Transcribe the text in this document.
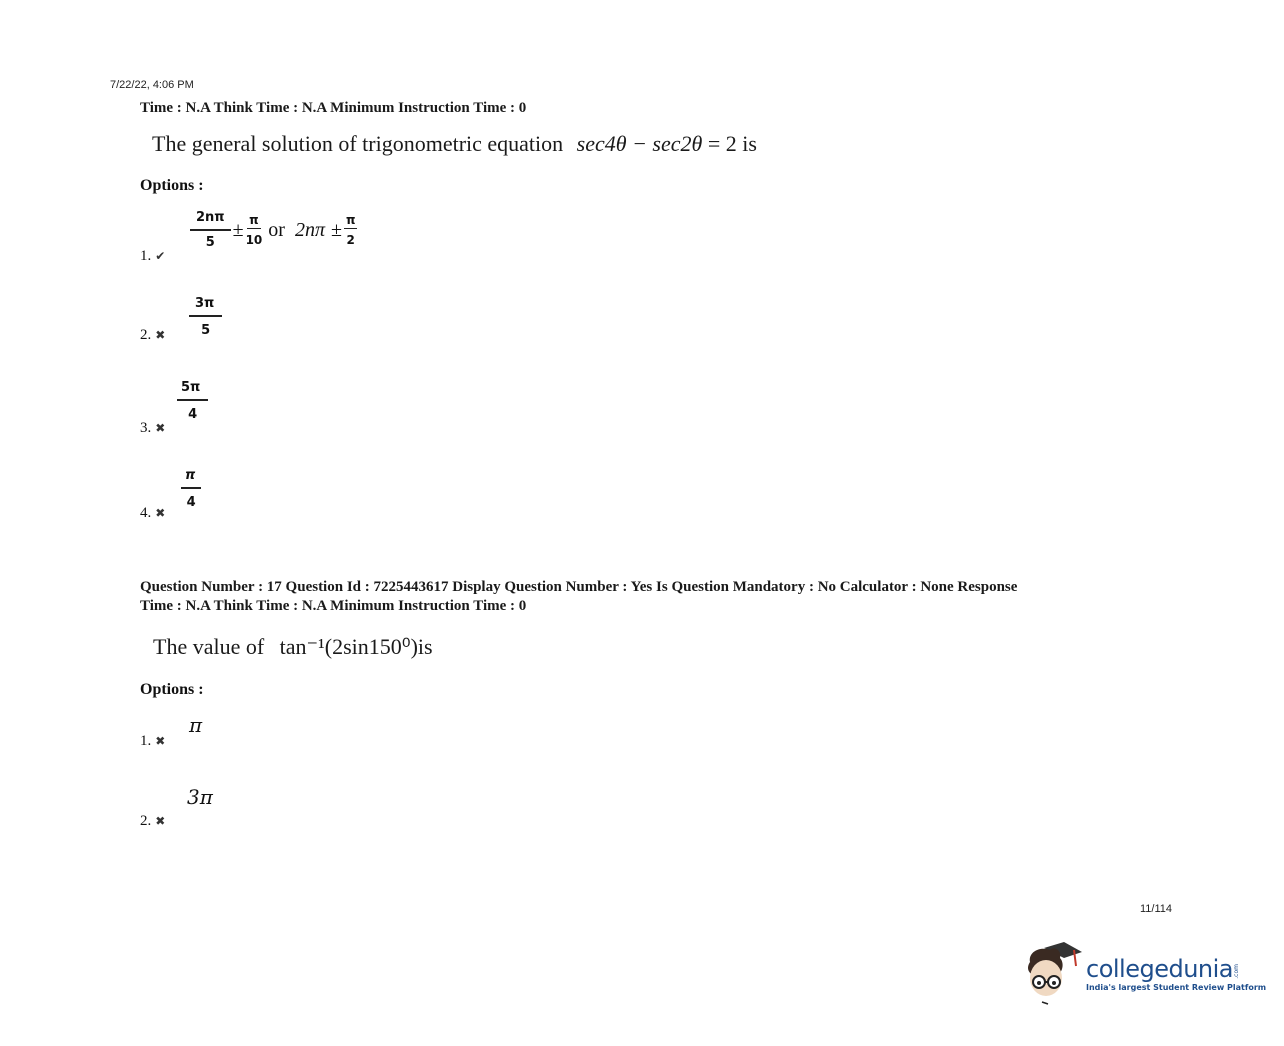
7/22/22, 4:06 PM
Time : N.A Think Time : N.A Minimum Instruction Time : 0
The general solution of trigonometric equation sec4θ − sec2θ = 2 is
Options :
1. ✔
$\frac{2n\pi}{5} \pm \frac{\pi}{10}$ or $2n\pi \pm \frac{\pi}{2}$
2. ✖ $\frac{3\pi}{5}$
3. ✖
$\frac{5\pi}{4}$
4. ✖
$\frac{\pi}{4}$
Question Number : 17 Question Id : 7225443617 Display Question Number : Yes Is Question Mandatory : No Calculator : None Response
Time : N.A Think Time : N.A Minimum Instruction Time : 0
The value of tan⁻¹(2sin150⁰)is
Options :
1. ✖
π
2. ✖
3π
11/114
collegedunia .com
India's largest Student Review Platform
